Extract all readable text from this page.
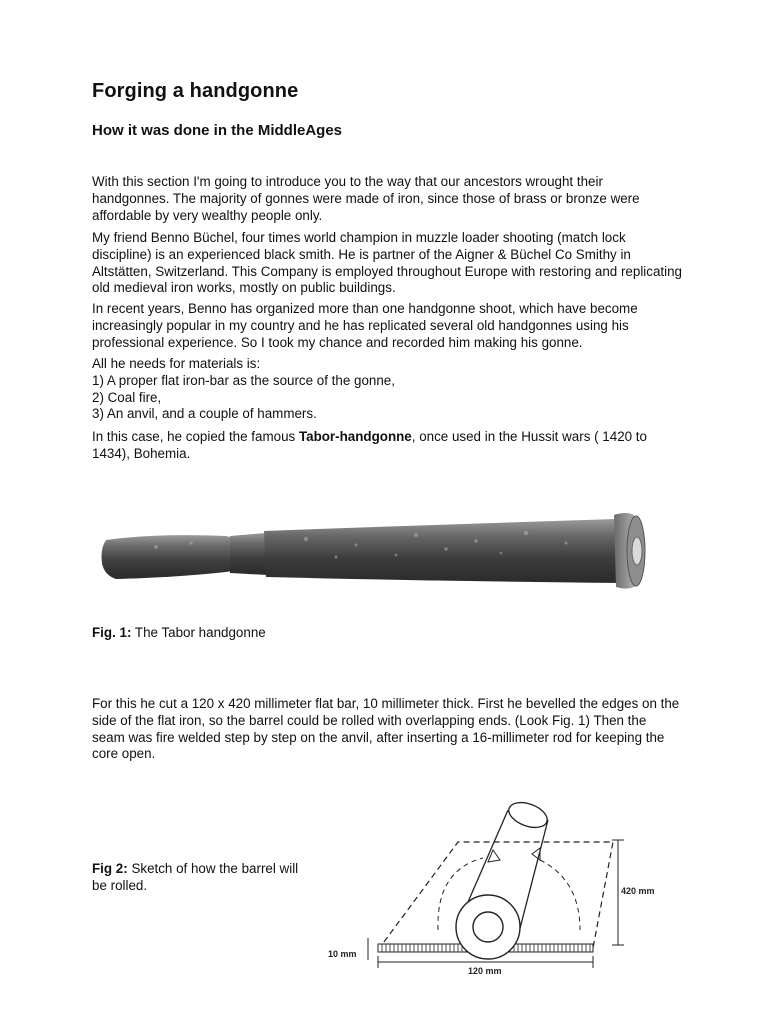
Forging a handgonne
How it was done in the MiddleAges

With this section I'm going to introduce you to the way that our ancestors wrought their handgonnes. The majority of gonnes were made of iron, since those of brass or bronze were affordable by very wealthy people only.

My friend Benno Büchel, four times world champion in muzzle loader shooting (match lock discipline) is an experienced black smith. He is partner of the Aigner & Büchel Co Smithy in Altstätten, Switzerland. This Company is employed throughout Europe with restoring and replicating old medieval iron works, mostly on public buildings.

In recent years, Benno has organized more than one handgonne shoot, which have become increasingly popular in my country and he has replicated several old handgonnes using his professional experience. So I took my chance and recorded him making his gonne.

All he needs for materials is:
1) A proper flat iron-bar as the source of the gonne,
2) Coal fire,
3) An anvil, and a couple of hammers.

In this case, he copied the famous Tabor-handgonne, once used in the Hussit wars ( 1420 to 1434), Bohemia.

Fig. 1: The Tabor handgonne

For this he cut a 120 x 420 millimeter flat bar, 10 millimeter thick. First he bevelled the edges on the side of the flat iron, so the barrel could be rolled with overlapping ends. (Look Fig. 1) Then the seam was fire welded step by step on the anvil, after inserting a 16-millimeter rod for keeping the core open.

Fig 2: Sketch of how the barrel will be rolled.	420 mm
10 mm
120 mm
